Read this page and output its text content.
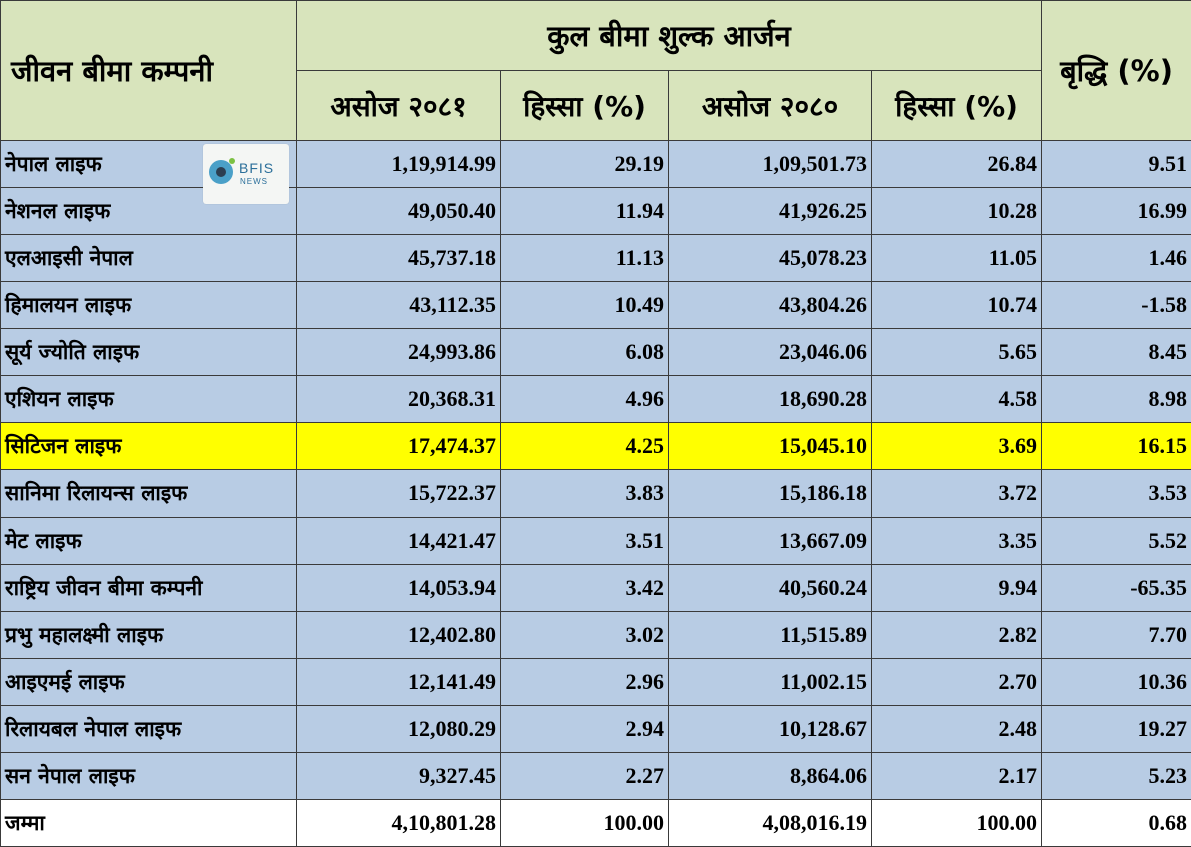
जीवन बीमा कम्पनी	कुल बीमा शुल्क आर्जन				बृद्धि (%)
	असोज २०८१	हिस्सा (%)	असोज २०८०	हिस्सा (%)	
नेपाल लाइफ	1,19,914.99	29.19	1,09,501.73	26.84	9.51
नेशनल लाइफ	49,050.40	11.94	41,926.25	10.28	16.99
एलआइसी नेपाल	45,737.18	11.13	45,078.23	11.05	1.46
हिमालयन लाइफ	43,112.35	10.49	43,804.26	10.74	-1.58
सूर्य ज्योति लाइफ	24,993.86	6.08	23,046.06	5.65	8.45
एशियन लाइफ	20,368.31	4.96	18,690.28	4.58	8.98
सिटिजन लाइफ	17,474.37	4.25	15,045.10	3.69	16.15
सानिमा रिलायन्स लाइफ	15,722.37	3.83	15,186.18	3.72	3.53
मेट लाइफ	14,421.47	3.51	13,667.09	3.35	5.52
राष्ट्रिय जीवन बीमा कम्पनी	14,053.94	3.42	40,560.24	9.94	-65.35
प्रभु महालक्ष्मी लाइफ	12,402.80	3.02	11,515.89	2.82	7.70
आइएमई लाइफ	12,141.49	2.96	11,002.15	2.70	10.36
रिलायबल नेपाल लाइफ	12,080.29	2.94	10,128.67	2.48	19.27
सन नेपाल लाइफ	9,327.45	2.27	8,864.06	2.17	5.23
जम्मा	4,10,801.28	100.00	4,08,016.19	100.00	0.68
BFIS
NEWS
